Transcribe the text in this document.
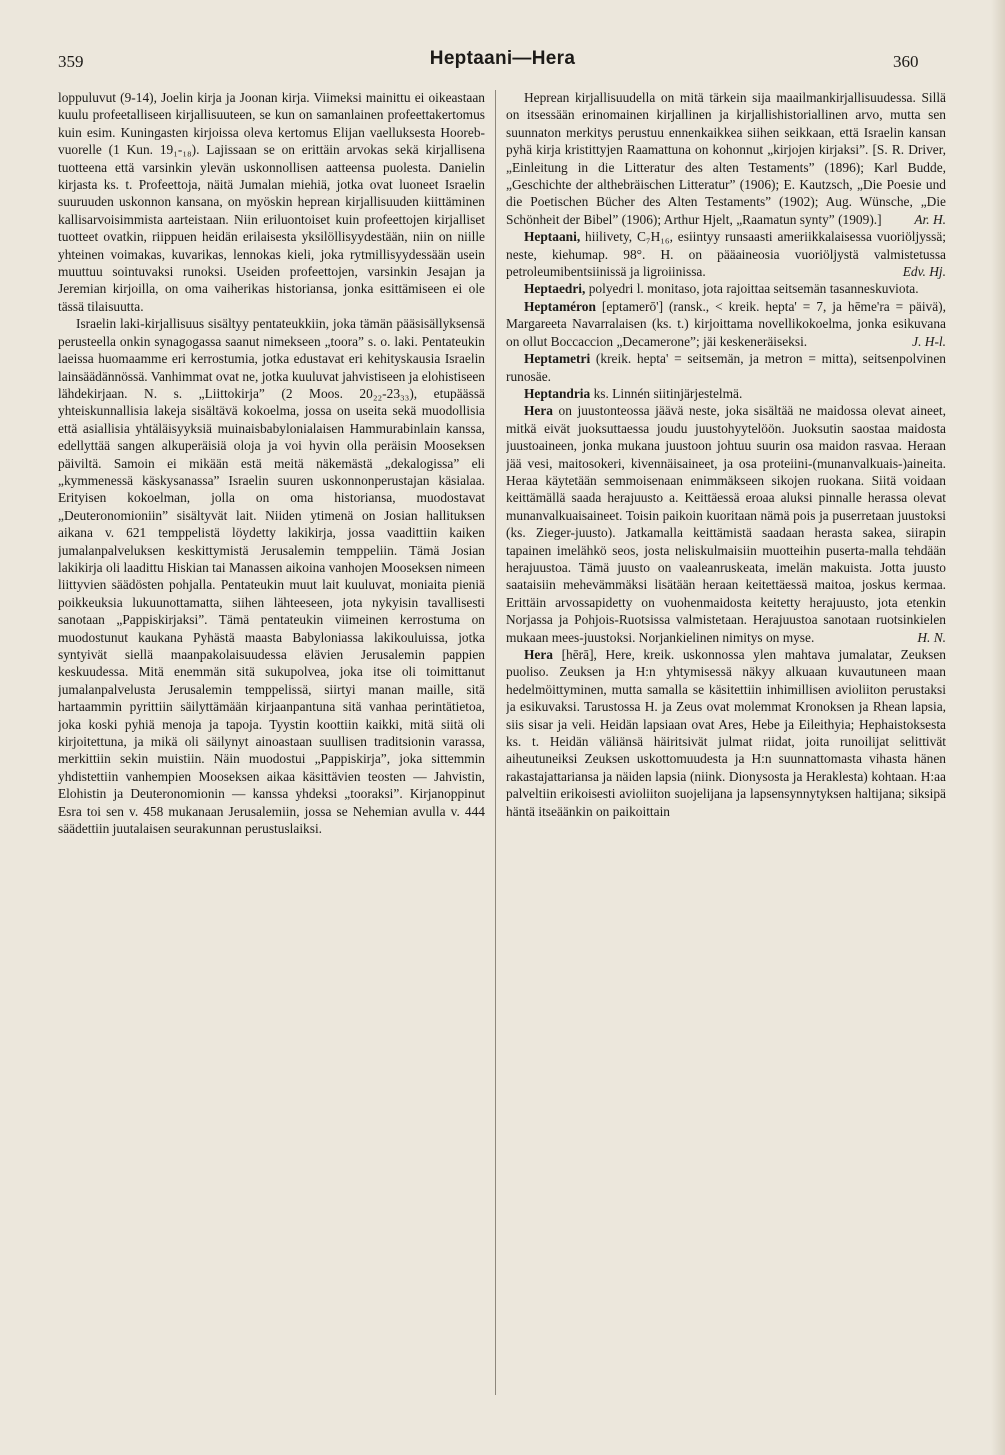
359	Heptaani—Hera	360

loppuluvut (9-14), Joelin kirja ja Joonan kirja. Viimeksi mainittu ei oikeastaan kuulu profeetalliseen kirjallisuuteen, se kun on samanlainen profeettakertomus kuin esim. Kuningasten kirjoissa oleva kertomus Elijan vaelluksesta Hooreb-vuorelle (1 Kun. 19₁-₁₈). Lajissaan se on erittäin arvokas sekä kirjallisena tuotteena että varsinkin ylevän uskonnollisen aatteensa puolesta. Danielin kirjasta ks. t. Profeettoja, näitä Jumalan miehiä, jotka ovat luoneet Israelin suuruuden uskonnon kansana, on myöskin heprean kirjallisuuden kiittäminen kallisarvoisimmista aarteistaan. Niin eriluontoiset kuin profeettojen kirjalliset tuotteet ovatkin, riippuen heidän erilaisesta yksilöllisyydestään, niin on niille yhteinen voimakas, kuvarikas, lennokas kieli, joka rytmillisyydessään usein muuttuu sointuvaksi runoksi. Useiden profeettojen, varsinkin Jesajan ja Jeremian kirjoilla, on oma vaiherikas historiansa, jonka esittämiseen ei ole tässä tilaisuutta.

Israelin laki-kirjallisuus sisältyy pentateukkiin, joka tämän pääsisällyksensä perusteella onkin synagogassa saanut nimekseen „toora” s. o. laki. Pentateukin laeissa huomaamme eri kerrostumia, jotka edustavat eri kehityskausia Israelin lainsäädännössä. Vanhimmat ovat ne, jotka kuuluvat jahvistiseen ja elohistiseen lähdekirjaan. N. s. „Liittokirja” (2 Moos. 20₂₂-23₃₃), etupäässä yhteiskunnallisia lakeja sisältävä kokoelma, jossa on useita sekä muodollisia että asiallisia yhtäläisyyksiä muinaisbabylonialaisen Hammurabinlain kanssa, edellyttää sangen alkuperäisiä oloja ja voi hyvin olla peräisin Mooseksen päiviltä. Samoin ei mikään estä meitä näkemästä „dekalogissa” eli „kymmenessä käskysanassa” Israelin suuren uskonnonperustajan käsialaa. Erityisen kokoelman, jolla on oma historiansa, muodostavat „Deuteronomioniin” sisältyvät lait. Niiden ytimenä on Josian hallituksen aikana v. 621 temppelistä löydetty lakikirja, jossa vaadittiin kaiken jumalanpalveluksen keskittymistä Jerusalemin temppeliin. Tämä Josian lakikirja oli laadittu Hiskian tai Manassen aikoina vanhojen Mooseksen nimeen liittyvien säädösten pohjalla. Pentateukin muut lait kuuluvat, moniaita pieniä poikkeuksia lukuunottamatta, siihen lähteeseen, jota nykyisin tavallisesti sanotaan „Pappiskirjaksi”. Tämä pentateukin viimeinen kerrostuma on muodostunut kaukana Pyhästä maasta Babyloniassa lakikouluissa, jotka syntyivät siellä maanpakolaisuudessa elävien Jerusalemin pappien keskuudessa. Mitä enemmän sitä sukupolvea, joka itse oli toimittanut jumalanpalvelusta Jerusalemin temppelissä, siirtyi manan maille, sitä hartaammin pyrittiin säilyttämään kirjaanpantuna sitä vanhaa perintätietoa, joka koski pyhiä menoja ja tapoja. Tyystin koottiin kaikki, mitä siitä oli kirjoitettuna, ja mikä oli säilynyt ainoastaan suullisen traditsionin varassa, merkittiin sekin muistiin. Näin muodostui „Pappiskirja”, joka sittemmin yhdistettiin vanhempien Mooseksen aikaa käsittävien teosten — Jahvistin, Elohistin ja Deuteronomionin — kanssa yhdeksi „tooraksi”. Kirjanoppinut Esra toi sen v. 458 mukanaan Jerusalemiin, jossa se Nehemian avulla v. 444 säädettiin juutalaisen seurakunnan perustuslaiksi.

Heprean kirjallisuudella on mitä tärkein sija maailmankirjallisuudessa. Sillä on itsessään erinomainen kirjallinen ja kirjallishistoriallinen arvo, mutta sen suunnaton merkitys perustuu ennenkaikkea siihen seikkaan, että Israelin kansan pyhä kirja kristittyjen Raamattuna on kohonnut „kirjojen kirjaksi”. [S. R. Driver, „Einleitung in die Litteratur des alten Testaments” (1896); Karl Budde, „Geschichte der althebräischen Litteratur” (1906); E. Kautzsch, „Die Poesie und die Poetischen Bücher des Alten Testaments” (1902); Aug. Wünsche, „Die Schönheit der Bibel” (1906); Arthur Hjelt, „Raamatun synty” (1909).]	Ar. H.

Heptaani, hiilivety, C₇H₁₆, esiintyy runsaasti ameriikkalaisessa vuoriöljyssä; neste, kiehumap. 98°. H. on pääaineosia vuoriöljystä valmistetussa petroleumibentsiinissä ja ligroiinissa.	Edv. Hj.

Heptaedri, polyedri l. monitaso, jota rajoittaa seitsemän tasanneskuviota.

Heptaméron [eptamerō'] (ransk., < kreik. hepta' = 7, ja hēme'ra = päivä), Margareeta Navarralaisen (ks. t.) kirjoittama novellikokoelma, jonka esikuvana on ollut Boccaccion „Decamerone”; jäi keskeneräiseksi.	J. H-l.

Heptametri (kreik. hepta' = seitsemän, ja metron = mitta), seitsenpolvinen runosäe.

Heptandria ks. Linnén siitinjärjestelmä.

Hera on juustonteossa jäävä neste, joka sisältää ne maidossa olevat aineet, mitkä eivät juoksuttaessa joudu juustohyytelöön. Juoksutin saostaa maidosta juustoaineen, jonka mukana juustoon johtuu suurin osa maidon rasvaa. Heraan jää vesi, maitosokeri, kivennäisaineet, ja osa proteiini-(munanvalkuais-)aineita. Heraa käytetään semmoisenaan enimmäkseen sikojen ruokana. Siitä voidaan keittämällä saada herajuusto a. Keittäessä eroaa aluksi pinnalle herassa olevat munanvalkuaisaineet. Toisin paikoin kuoritaan nämä pois ja puserretaan juustoksi (ks. Zieger-juusto). Jatkamalla keittämistä saadaan herasta sakea, siirapin tapainen imelähkö seos, josta neliskulmaisiin muotteihin puserta-malla tehdään herajuustoa. Tämä juusto on vaaleanruskeata, imelän makuista. Jotta juusto saataisiin mehevämmäksi lisätään heraan keitettäessä maitoa, joskus kermaa. Erittäin arvossapidetty on vuohenmaidosta keitetty herajuusto, jota etenkin Norjassa ja Pohjois-Ruotsissa valmistetaan. Herajuustoa sanotaan ruotsinkielen mukaan mees-juustoksi. Norjankielinen nimitys on myse.	H. N.

Hera [hērā], Here, kreik. uskonnossa ylen mahtava jumalatar, Zeuksen puoliso. Zeuksen ja H:n yhtymisessä näkyy alkuaan kuvautuneen maan hedelmöittyminen, mutta samalla se käsitettiin inhimillisen avioliiton perustaksi ja esikuvaksi. Tarustossa H. ja Zeus ovat molemmat Kronoksen ja Rhean lapsia, siis sisar ja veli. Heidän lapsiaan ovat Ares, Hebe ja Eileithyia; Hephaistoksesta ks. t. Heidän väliänsä häiritsivät julmat riidat, joita runoilijat selittivät aiheutuneiksi Zeuksen uskottomuudesta ja H:n suunnattomasta vihasta hänen rakastajattariansa ja näiden lapsia (niink. Dionysosta ja Heraklesta) kohtaan. H:aa palveltiin erikoisesti avioliiton suojelijana ja lapsensynnytyksen haltijana; siksipä häntä itseäänkin on paikoittain
